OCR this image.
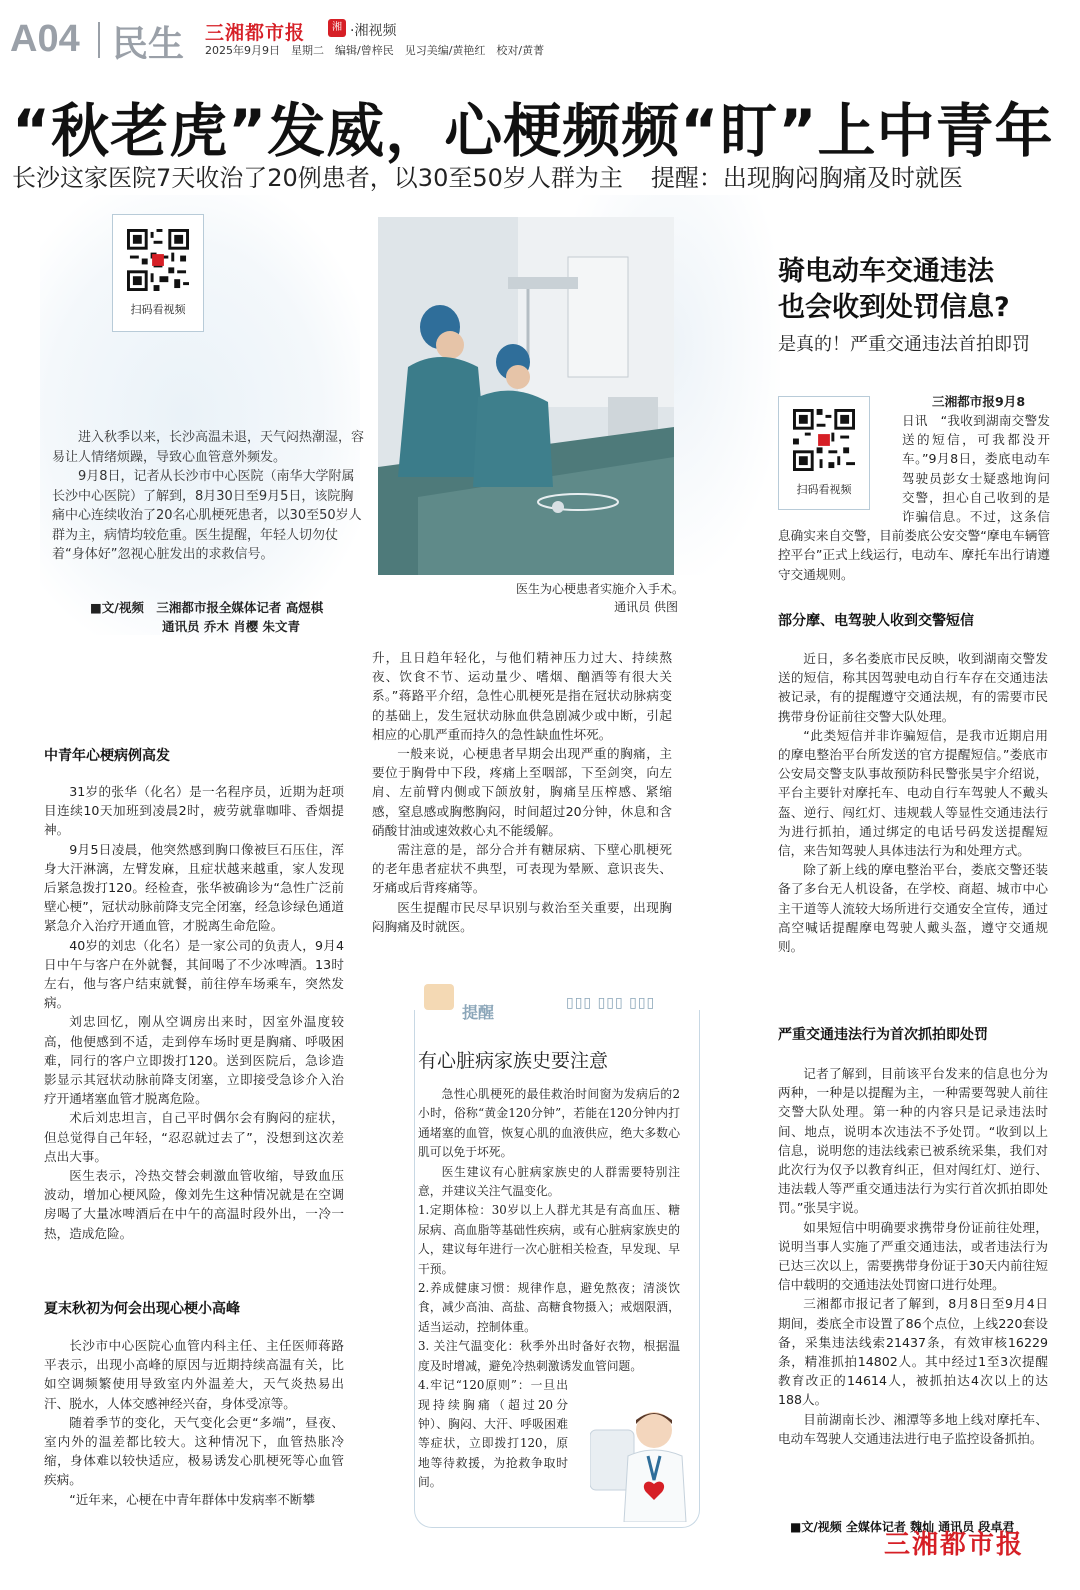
A04 民生 三湘都市报	湘 ·湘视频
2025年9月9日　星期二　编辑/曾梓民　见习美编/黄艳红　校对/黄菁
“秋老虎”发威，心梗频频“盯”上中青年
长沙这家医院7天收治了20例患者，以30至50岁人群为主 提醒：出现胸闷胸痛及时就医
扫码看视频

进入秋季以来，长沙高温未退，天气闷热潮湿，容易让人情绪烦躁，导致心血管意外频发。

9月8日，记者从长沙市中心医院（南华大学附属长沙中心医院）了解到，8月30日至9月5日，该院胸痛中心连续收治了20名心肌梗死患者，以30至50岁人群为主，病情均较危重。医生提醒，年轻人切勿仗着“身体好”忽视心脏发出的求救信号。

■文/视频　三湘都市报全媒体记者 高煜棋
通讯员 乔木 肖樱 朱文青
医生为心梗患者实施介入手术。　　通讯员 供图
中青年心梗病例高发

31岁的张华（化名）是一名程序员，近期为赶项目连续10天加班到凌晨2时，疲劳就靠咖啡、香烟提神。

9月5日凌晨，他突然感到胸口像被巨石压住，浑身大汗淋漓，左臂发麻，且症状越来越重，家人发现后紧急拨打120。经检查，张华被确诊为“急性广泛前壁心梗”，冠状动脉前降支完全闭塞，经急诊绿色通道紧急介入治疗开通血管，才脱离生命危险。

40岁的刘忠（化名）是一家公司的负责人，9月4日中午与客户在外就餐，其间喝了不少冰啤酒。13时左右，他与客户结束就餐，前往停车场乘车，突然发病。

刘忠回忆，刚从空调房出来时，因室外温度较高，他便感到不适，走到停车场时更是胸痛、呼吸困难，同行的客户立即拨打120。送到医院后，急诊造影显示其冠状动脉前降支闭塞，立即接受急诊介入治疗开通堵塞血管才脱离危险。

术后刘忠坦言，自己平时偶尔会有胸闷的症状，但总觉得自己年轻，“忍忍就过去了”，没想到这次差点出大事。

医生表示，冷热交替会刺激血管收缩，导致血压波动，增加心梗风险，像刘先生这种情况就是在空调房喝了大量冰啤酒后在中午的高温时段外出，一冷一热，造成危险。

夏末秋初为何会出现心梗小高峰

长沙市中心医院心血管内科主任、主任医师蒋路平表示，出现小高峰的原因与近期持续高温有关，比如空调频繁使用导致室内外温差大，天气炎热易出汗、脱水，人体交感神经兴奋，身体受凉等。

随着季节的变化，天气变化会更“多端”，昼夜、室内外的温差都比较大。这种情况下，血管热胀冷缩，身体难以较快适应，极易诱发心肌梗死等心血管疾病。

“近年来，心梗在中青年群体中发病率不断攀

升，且日趋年轻化，与他们精神压力过大、持续熬夜、饮食不节、运动量少、嗜烟、酗酒等有很大关系。”蒋路平介绍，急性心肌梗死是指在冠状动脉病变的基础上，发生冠状动脉血供急剧减少或中断，引起相应的心肌严重而持久的急性缺血性坏死。

一般来说，心梗患者早期会出现严重的胸痛，主要位于胸骨中下段，疼痛上至咽部，下至剑突，向左肩、左前臂内侧或下颌放射，胸痛呈压榨感、紧缩感，窒息感或胸憋胸闷，时间超过20分钟，休息和含硝酸甘油或速效救心丸不能缓解。

需注意的是，部分合并有糖尿病、下壁心肌梗死的老年患者症状不典型，可表现为晕厥、意识丧失、牙痛或后背疼痛等。

医生提醒市民尽早识别与救治至关重要，出现胸闷胸痛及时就医。

提醒	▯▯▯ ▯▯▯ ▯▯▯
有心脏病家族史要注意

急性心肌梗死的最佳救治时间窗为发病后的2小时，俗称“黄金120分钟”，若能在120分钟内打通堵塞的血管，恢复心肌的血液供应，绝大多数心肌可以免于坏死。

医生建议有心脏病家族史的人群需要特别注意，并建议关注气温变化。

1.定期体检：30岁以上人群尤其是有高血压、糖尿病、高血脂等基础性疾病，或有心脏病家族史的人，建议每年进行一次心脏相关检查，早发现、早干预。

2.养成健康习惯：规律作息，避免熬夜；清淡饮食，减少高油、高盐、高糖食物摄入；戒烟限酒，适当运动，控制体重。

3. 关注气温变化：秋季外出时备好衣物，根据温度及时增减，避免冷热刺激诱发血管问题。

4.牢记“120原则”：一旦出现持续胸痛（超过20分钟）、胸闷、大汗、呼吸困难等症状，立即拨打120，原地等待救援，为抢救争取时间。

骑电动车交通违法
也会收到处罚信息?
是真的！严重交通违法首拍即罚
扫码看视频
三湘都市报9月8
日讯　“我收到湖南交警发送的短信，可我都没开车。”9月8日，娄底电动车驾驶员彭女士疑惑地询问交警，担心自己收到的是诈骗信息。不过，这条信息确实来自交警，目前娄底公安交警“摩电车辆管控平台”正式上线运行，电动车、摩托车出行请遵守交通规则。
部分摩、电驾驶人收到交警短信

近日，多名娄底市民反映，收到湖南交警发送的短信，称其因驾驶电动自行车存在交通违法被记录，有的提醒遵守交通法规，有的需要市民携带身份证前往交警大队处理。

“此类短信并非诈骗短信，是我市近期启用的摩电整治平台所发送的官方提醒短信。”娄底市公安局交警支队事故预防科民警张昊宇介绍说，平台主要针对摩托车、电动自行车驾驶人不戴头盔、逆行、闯红灯、违规载人等显性交通违法行为进行抓拍，通过绑定的电话号码发送提醒短信，来告知驾驶人具体违法行为和处理方式。

除了新上线的摩电整治平台，娄底交警还装备了多台无人机设备，在学校、商超、城市中心主干道等人流较大场所进行交通安全宣传，通过高空喊话提醒摩电驾驶人戴头盔，遵守交通规则。

严重交通违法行为首次抓拍即处罚

记者了解到，目前该平台发来的信息也分为两种，一种是以提醒为主，一种需要驾驶人前往交警大队处理。第一种的内容只是记录违法时间、地点，说明本次违法不予处罚。“收到以上信息，说明您的违法线索已被系统采集，我们对此次行为仅予以教育纠正，但对闯红灯、逆行、违法载人等严重交通违法行为实行首次抓拍即处罚。”张昊宇说。

如果短信中明确要求携带身份证前往处理，说明当事人实施了严重交通违法，或者违法行为已达三次以上，需要携带身份证于30天内前往短信中载明的交通违法处罚窗口进行处理。

三湘都市报记者了解到，8月8日至9月4日期间，娄底全市设置了86个点位，上线220套设备，采集违法线索21437条，有效审核16229条，精准抓拍14802人。其中经过1至3次提醒教育改正的14614人，被抓拍达4次以上的达188人。

目前湖南长沙、湘潭等多地上线对摩托车、电动车驾驶人交通违法进行电子监控设备抓拍。

■文/视频 全媒体记者 魏灿 通讯员 段卓君
三湘都市报
